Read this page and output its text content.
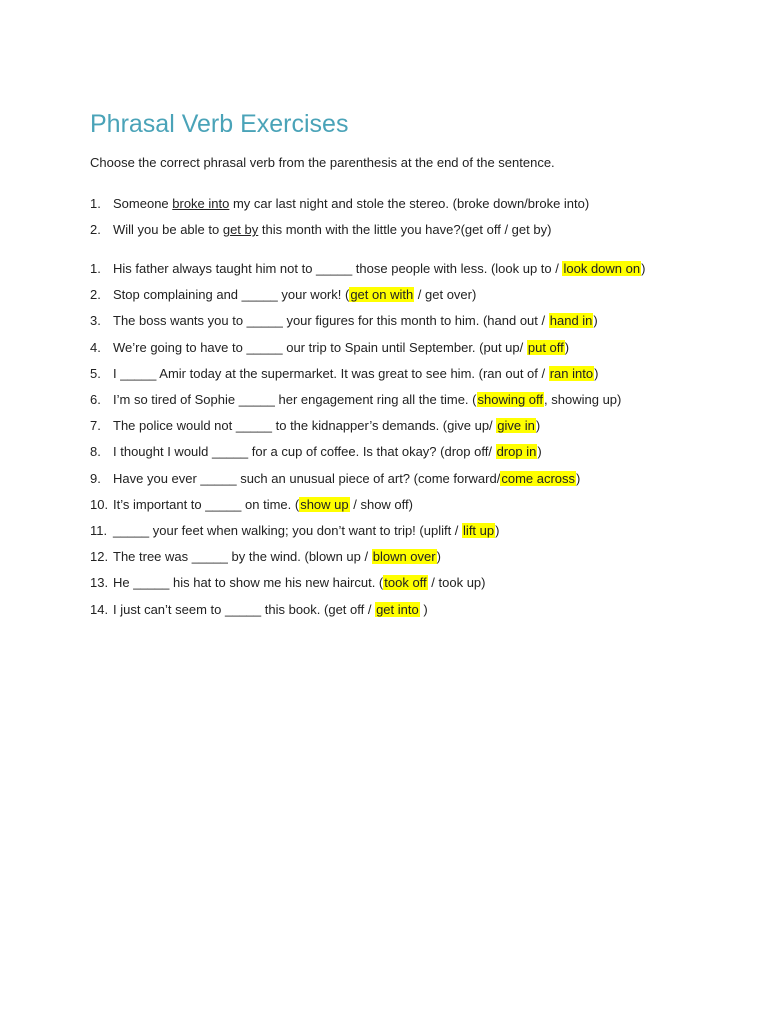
Phrasal Verb Exercises

Choose the correct phrasal verb from the parenthesis at the end of the sentence.

1. Someone broke into my car last night and stole the stereo. (broke down/broke into)
2. Will you be able to get by this month with the little you have?(get off / get by)
1. His father always taught him not to _____ those people with less. (look up to / look down on)
2. Stop complaining and _____ your work! (get on with / get over)
3. The boss wants you to _____ your figures for this month to him. (hand out / hand in)
4. We’re going to have to _____ our trip to Spain until September. (put up/ put off)
5. I _____ Amir today at the supermarket. It was great to see him. (ran out of / ran into)
6. I’m so tired of Sophie _____ her engagement ring all the time. (showing off, showing up)
7. The police would not _____ to the kidnapper’s demands. (give up/ give in)
8. I thought I would _____ for a cup of coffee. Is that okay? (drop off/ drop in)
9. Have you ever _____ such an unusual piece of art? (come forward/come across)
10. It’s important to _____ on time. (show up / show off)
11. _____ your feet when walking; you don’t want to trip! (uplift / lift up)
12. The tree was _____ by the wind. (blown up / blown over)
13. He _____ his hat to show me his new haircut. (took off / took up)
14. I just can’t seem to _____ this book. (get off / get into )
